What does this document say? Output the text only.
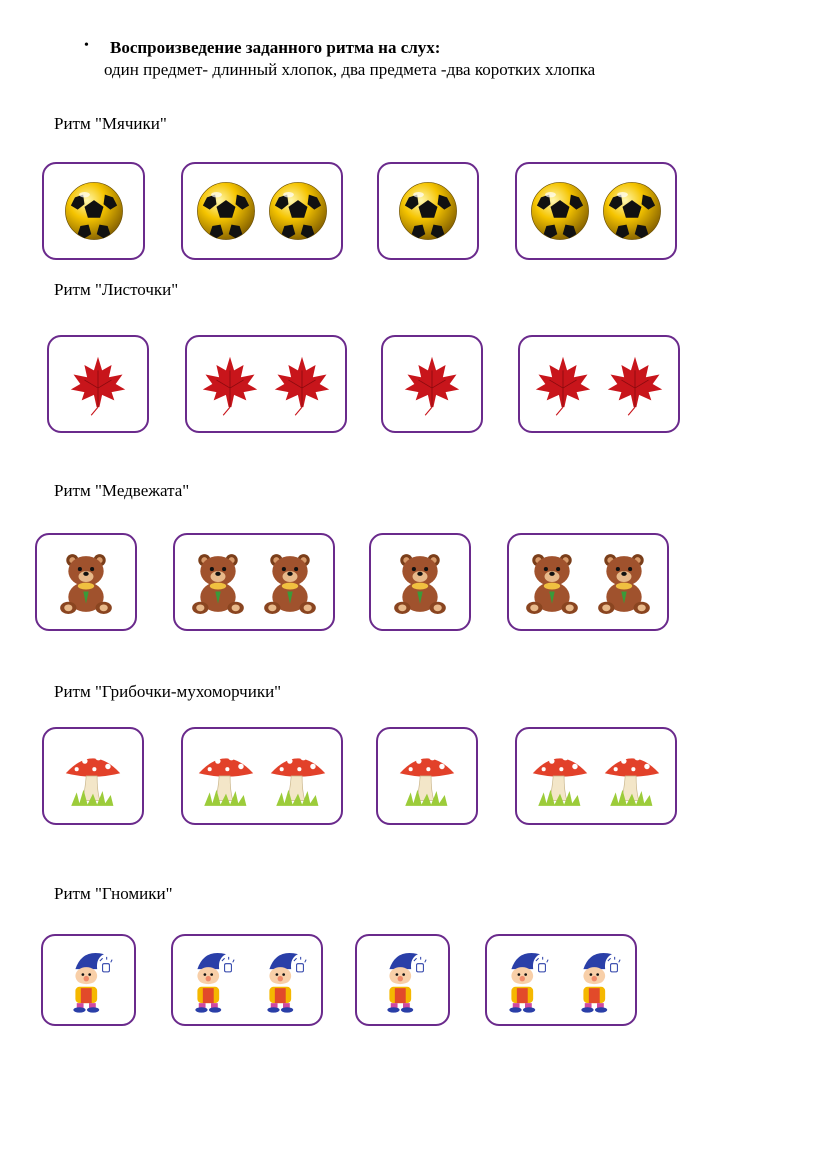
• Воспроизведение заданного ритма на слух:
один предмет- длинный хлопок, два предмета -два коротких хлопка
Ритм "Мячики"
Ритм "Листочки"
Ритм "Медвежата"
Ритм "Грибочки-мухоморчики"
Ритм "Гномики"
